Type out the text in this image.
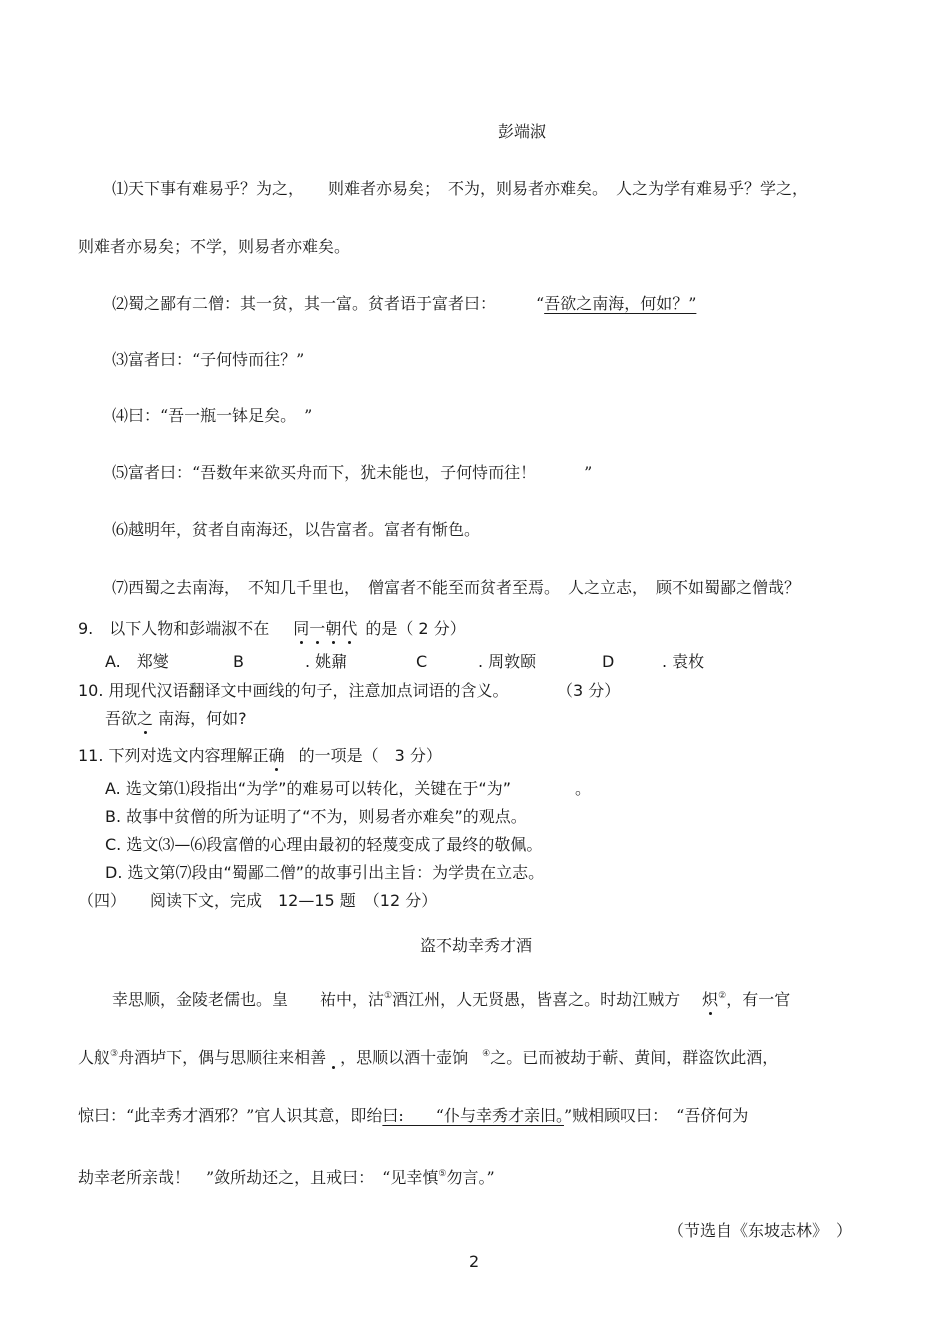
彭端淑
⑴天下事有难易乎？为之，　　则难者亦易矣；　不为，则易者亦难矣。　人之为学有难易乎？学之，
则难者亦易矣；不学，则易者亦难矣。
⑵蜀之鄙有二僧：其一贫，其一富。贫者语于富者曰：　　　“吾欲之南海，何如？”
⑶富者曰：“子何恃而往？”
⑷曰：“吾一瓶一钵足矣。　”
⑸富者曰：“吾数年来欲买舟而下，犹未能也，子何恃而往！　　　”
⑹越明年，贫者自南海还，以告富者。富者有惭色。
⑺西蜀之去南海，　不知几千里也，　僧富者不能至而贫者至焉。　人之立志，　顾不如蜀鄙之僧哉？
9.　以下人物和彭端淑不在 同一朝代 的是（ 2 分）
A.　郑燮	B	. 姚鼐	C	. 周敦颐	D	. 袁枚
10. 用现代汉语翻译文中画线的句子，注意加点词语的含义。	（3 分）
吾欲之 南海，何如?
11. 下列对选文内容理解正确 的一项是（　3 分）
A. 选文第⑴段指出“为学”的难易可以转化，关键在于“为”　　　　。
B. 故事中贫僧的所为证明了“不为，则易者亦难矣”的观点。
C. 选文⑶—⑹段富僧的心理由最初的轻蔑变成了最终的敬佩。
D. 选文第⑺段由“蜀鄙二僧”的故事引出主旨：为学贵在立志。
（四）　　阅读下文，完成　12—15 题　（12 分）
盗不劫幸秀才酒
幸思顺，金陵老儒也。皇　　祐中，沽①酒江州，人无贤愚，皆喜之。时劫江贼方 炽②，有一官
人舣③舟酒垆下，偶与思顺往来相善 ，思顺以酒十壶饷 ④之。已而被劫于蕲、黄间，群盗饮此酒，
惊曰：“此幸秀才酒邪？”官人识其意，即绐曰:　　“仆与幸秀才亲旧。”贼相顾叹曰：　“吾侪何为
劫幸老所亲哉！　”敛所劫还之，且戒曰：　“见幸慎⑤勿言。”
（节选自《东坡志林》　）
2
